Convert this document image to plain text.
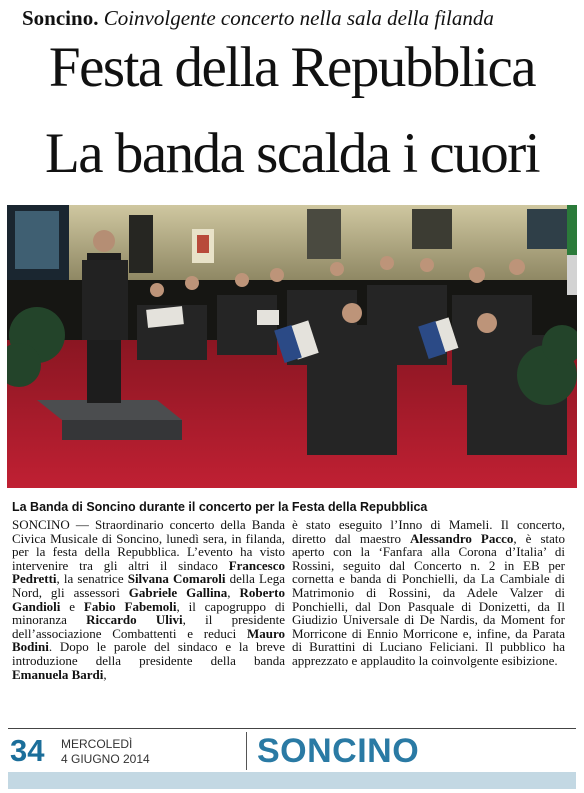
Soncino. Coinvolgente concerto nella sala della filanda
Festa della Repubblica
La banda scalda i cuori
La Banda di Soncino durante il concerto per la Festa della Repubblica

SONCINO — Straordinario concerto della Banda Civica Musicale di Soncino, lunedì sera, in filanda, per la festa della Repubblica. L’evento ha visto intervenire tra gli altri il sindaco Francesco Pedretti, la senatrice Silvana Comaroli della Lega Nord, gli assessori Gabriele Gallina, Roberto Gandioli e Fabio Fabemoli, il capogruppo di minoranza Riccardo Ulivi, il presidente dell’associazione Combattenti e reduci Mauro Bodini. Dopo le parole del sindaco e la breve introduzione della presidente della banda Emanuela Bardi,

è stato eseguito l’Inno di Mameli. Il concerto, diretto dal maestro Alessandro Pacco, è stato aperto con la ‘Fanfara alla Corona d’Italia’ di Rossini, seguito dal Concerto n. 2 in EB per cornetta e banda di Ponchielli, da La Cambiale di Matrimonio di Rossini, da Adele Valzer di Ponchielli, dal Don Pasquale di Donizetti, da Il Giudizio Universale di De Nardis, da Moment for Morricone di Ennio Morricone e, infine, da Parata di Burattini di Luciano Feliciani. Il pubblico ha apprezzato e applaudito la coinvolgente esibizione.

34 MERCOLEDÌ
4 GIUGNO 2014	SONCINO
